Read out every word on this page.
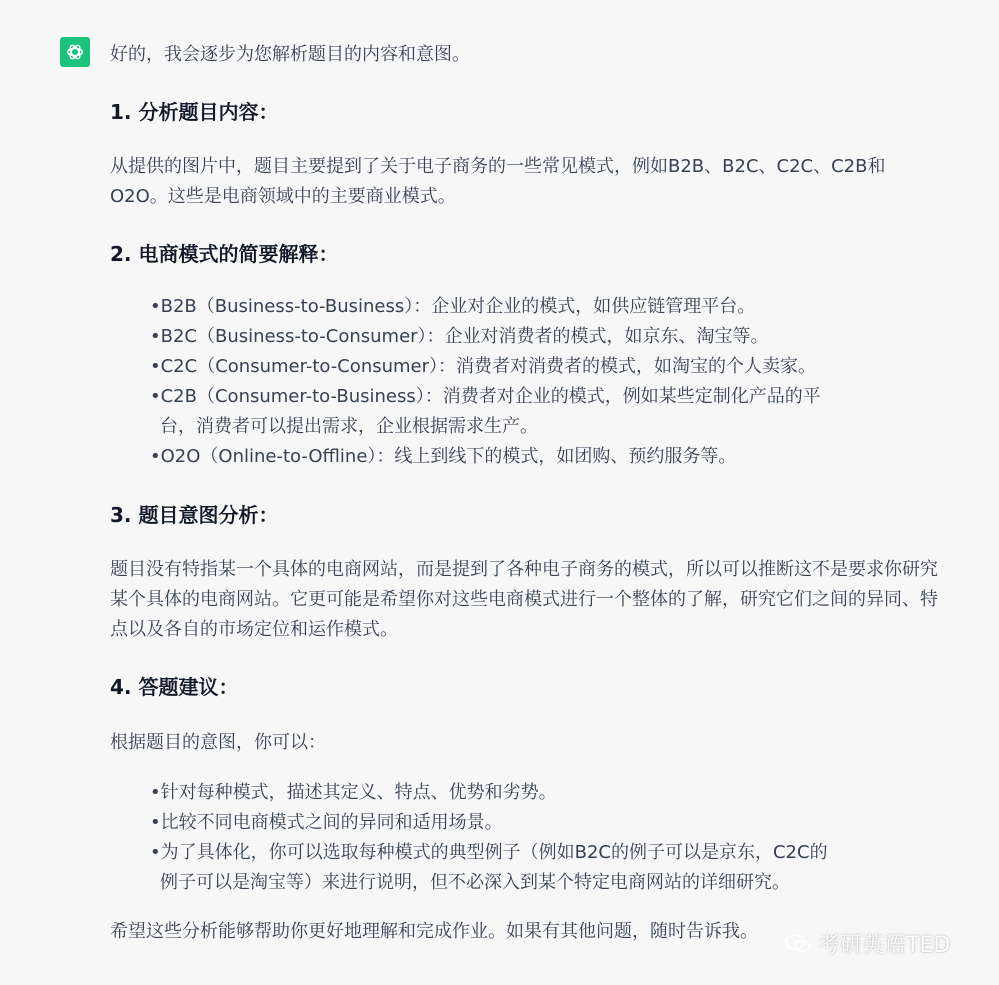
好的，我会逐步为您解析题目的内容和意图。
1. 分析题目内容：
从提供的图片中，题目主要提到了关于电子商务的一些常见模式，例如B2B、B2C、C2C、C2B和O2O。这些是电商领域中的主要商业模式。
2. 电商模式的简要解释：
•B2B（Business-to-Business）：企业对企业的模式，如供应链管理平台。
•B2C（Business-to-Consumer）：企业对消费者的模式，如京东、淘宝等。
•C2C（Consumer-to-Consumer）：消费者对消费者的模式，如淘宝的个人卖家。
•C2B（Consumer-to-Business）：消费者对企业的模式，例如某些定制化产品的平
台，消费者可以提出需求，企业根据需求生产。
•O2O（Online-to-Offline）：线上到线下的模式，如团购、预约服务等。
3. 题目意图分析：
题目没有特指某一个具体的电商网站，而是提到了各种电子商务的模式，所以可以推断这不是要求你研究某个具体的电商网站。它更可能是希望你对这些电商模式进行一个整体的了解，研究它们之间的异同、特点以及各自的市场定位和运作模式。
4. 答题建议：
根据题目的意图，你可以：
•针对每种模式，描述其定义、特点、优势和劣势。
•比较不同电商模式之间的异同和适用场景。
•为了具体化，你可以选取每种模式的典型例子（例如B2C的例子可以是京东，C2C的
例子可以是淘宝等）来进行说明，但不必深入到某个特定电商网站的详细研究。
希望这些分析能够帮助你更好地理解和完成作业。如果有其他问题，随时告诉我。
考研英语TED
